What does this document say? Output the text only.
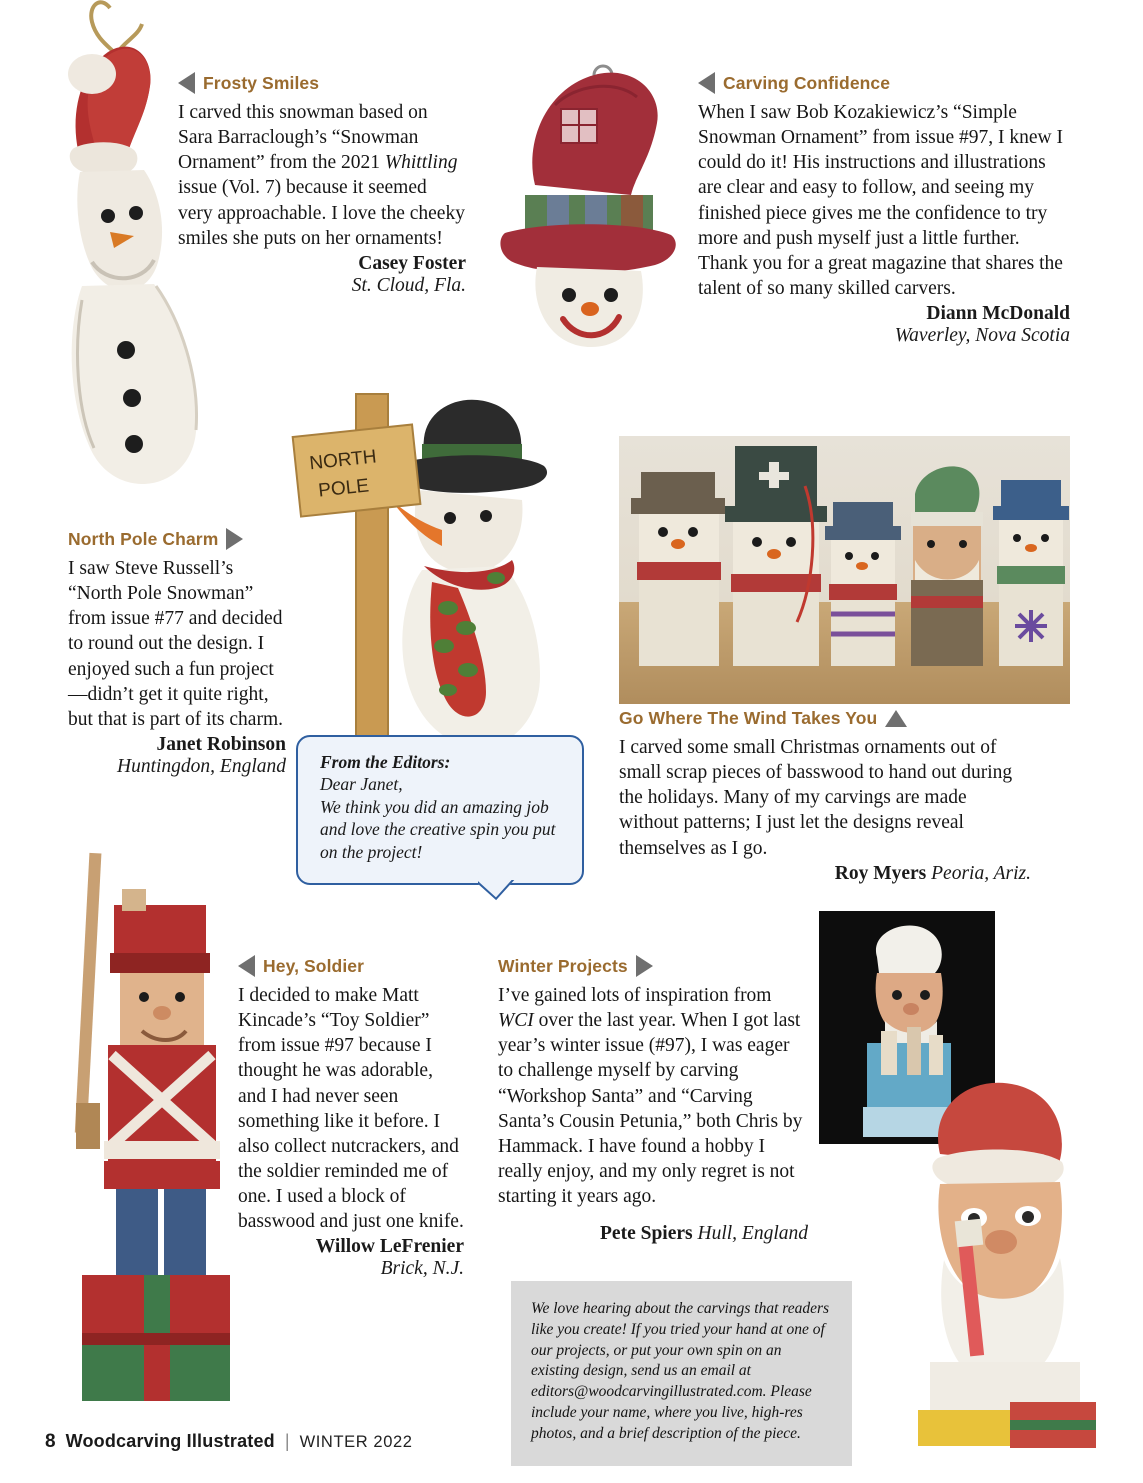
NORTH
POLE
Frosty Smiles
I carved this snowman based on Sara Barraclough’s “Snowman Ornament” from the 2021 Whittling issue (Vol. 7) because it seemed very approachable. I love the cheeky smiles she puts on her ornaments!
Casey Foster
St. Cloud, Fla.
Carving Confidence
When I saw Bob Kozakiewicz’s “Simple Snowman Ornament” from issue #97, I knew I could do it! His instructions and illustrations are clear and easy to follow, and seeing my finished piece gives me the confidence to try more and push myself just a little further. Thank you for a great magazine that shares the talent of so many skilled carvers.
Diann McDonald
Waverley, Nova Scotia
North Pole Charm
I saw Steve Russell’s “North Pole Snowman” from issue #77 and decided to round out the design. I enjoyed such a fun project—didn’t get it quite right, but that is part of its charm.
Janet Robinson
Huntingdon, England From the Editors:
Dear Janet,
We think you did an amazing job and love the creative spin you put on the project!
Go Where The Wind Takes You
I carved some small Christmas ornaments out of small scrap pieces of basswood to hand out during the holidays. Many of my carvings are made without patterns; I just let the designs reveal themselves as I go.
Roy Myers Peoria, Ariz.
Hey, Soldier
I decided to make Matt Kincade’s “Toy Soldier” from issue #97 because I thought he was adorable, and I had never seen something like it before. I also collect nutcrackers, and the soldier reminded me of one. I used a block of basswood and just one knife.
Willow LeFrenier
Brick, N.J.
Winter Projects
I’ve gained lots of inspiration from WCI over the last year. When I got last year’s winter issue (#97), I was eager to challenge myself by carving “Workshop Santa” and “Carving Santa’s Cousin Petunia,” both Chris by Hammack. I have found a hobby I really enjoy, and my only regret is not starting it years ago.
Pete Spiers Hull, England
We love hearing about the carvings that readers like you create! If you tried your hand at one of our projects, or put your own spin on an existing design, send us an email at editors@woodcarvingillustrated.com. Please include your name, where you live, high-res photos, and a brief description of the piece.
8 Woodcarving Illustrated | WINTER 2022
